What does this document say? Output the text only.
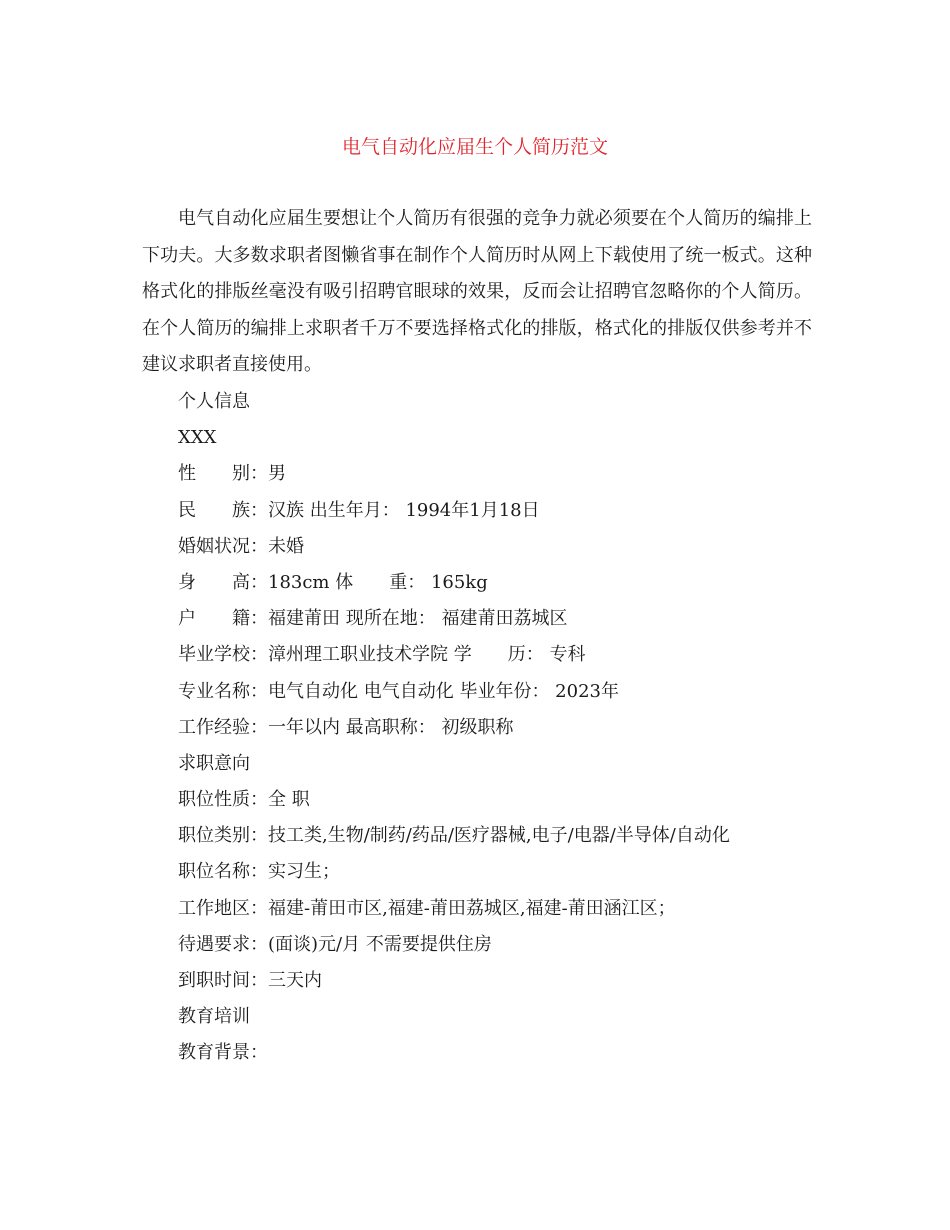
电气自动化应届生个人简历范文

电气自动化应届生要想让个人简历有很强的竞争力就必须要在个人简历的编排上下功夫。大多数求职者图懒省事在制作个人简历时从网上下载使用了统一板式。这种格式化的排版丝毫没有吸引招聘官眼球的效果，反而会让招聘官忽略你的个人简历。在个人简历的编排上求职者千万不要选择格式化的排版，格式化的排版仅供参考并不建议求职者直接使用。

个人信息
XXX
性　　别：男
民　　族：汉族 出生年月： 1994年1月18日
婚姻状况：未婚
身　　高：183cm 体　　重： 165kg
户　　籍：福建莆田 现所在地： 福建莆田荔城区
毕业学校：漳州理工职业技术学院 学　　历： 专科
专业名称：电气自动化 电气自动化 毕业年份： 2023年
工作经验：一年以内 最高职称： 初级职称
求职意向
职位性质：全 职
职位类别：技工类,生物/制药/药品/医疗器械,电子/电器/半导体/自动化
职位名称：实习生；
工作地区：福建-莆田市区,福建-莆田荔城区,福建-莆田涵江区；
待遇要求：(面谈)元/月 不需要提供住房
到职时间：三天内
教育培训
教育背景：
